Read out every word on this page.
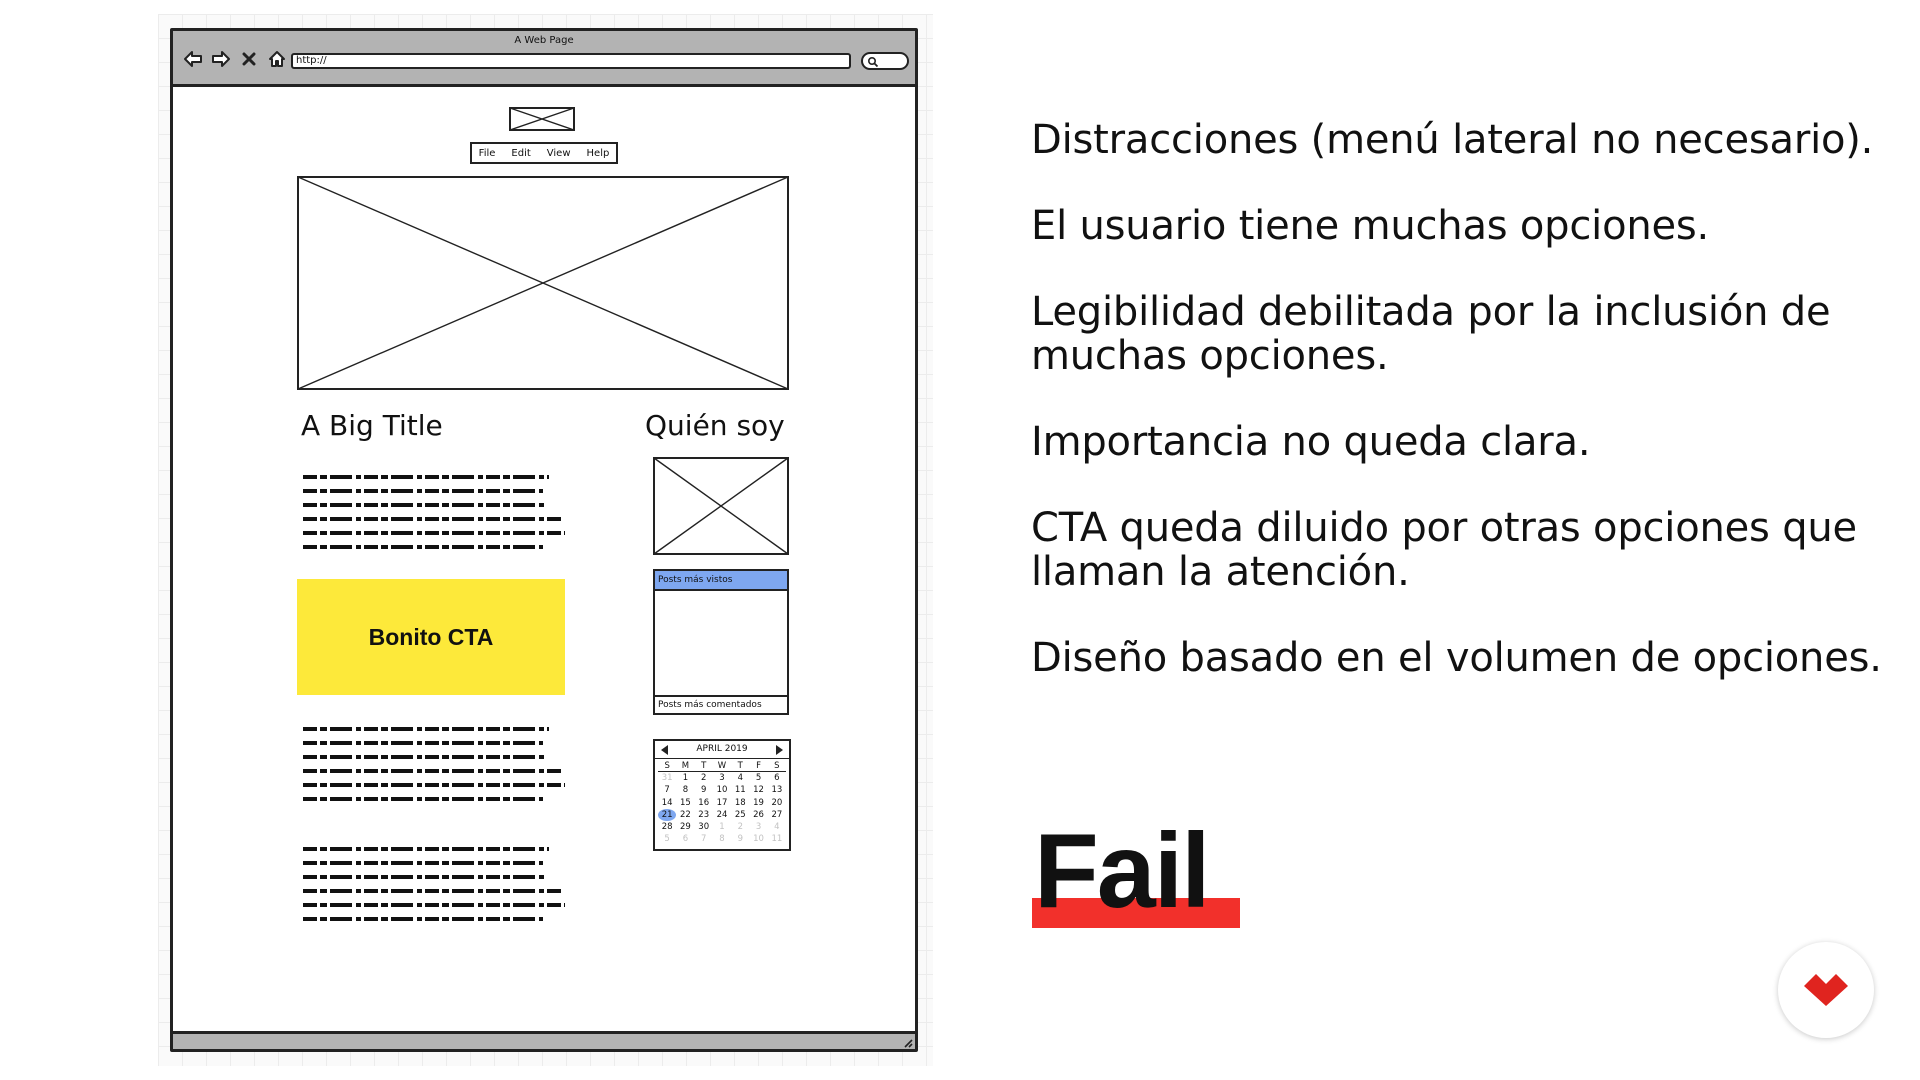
A Web Page
http://
File Edit View Help
A Big Title	Quién soy
Bonito CTA
Posts más vistos
Posts más comentados
APRIL 2019
S	M	T	W	T	F	S
31	1	2	3	4	5	6
7	8	9	10 11 12 13
14 15 16 17 18 19 20
21 22 23 24 25 26 27
28 29 30	1	2	3	4
5	6	7	8	9	10 11
Distracciones (menú lateral no necesario).
El usuario tiene muchas opciones.
Legibilidad debilitada por la inclusión de muchas opciones.
Importancia no queda clara.
CTA queda diluido por otras opciones que llaman la atención.
Diseño basado en el volumen de opciones.
Fail
